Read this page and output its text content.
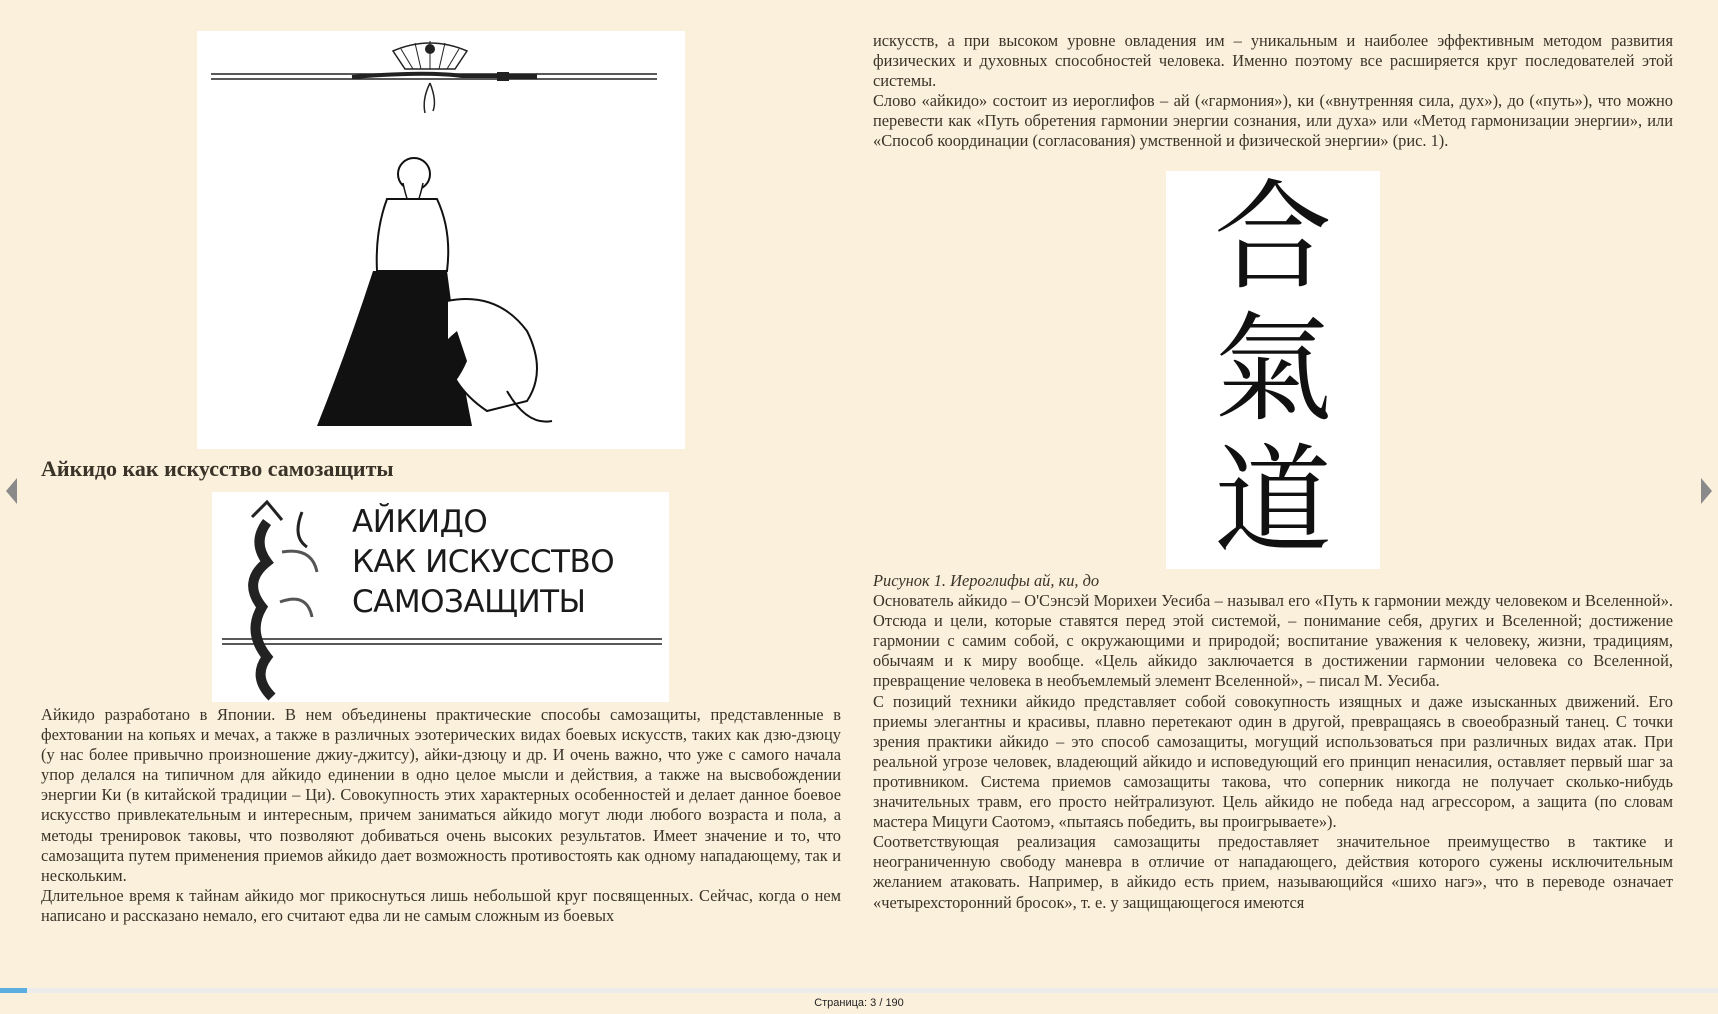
Айкидо как искусство самозащиты
АЙКИДО
КАК ИСКУССТВО
САМОЗАЩИТЫ

Айкидо разработано в Японии. В нем объединены практические способы самозащиты, представленные в фехтовании на копьях и мечах, а также в различных эзотерических видах боевых искусств, таких как дзю-дзюцу (у нас более привычно произношение джиу-джитсу), айки-дзюцу и др. И очень важно, что уже с самого начала упор делался на типичном для айкидо единении в одно целое мысли и действия, а также на высвобождении энергии Ки (в китайской традиции – Ци). Совокупность этих характерных особенностей и делает данное боевое искусство привлекательным и интересным, причем заниматься айкидо могут люди любого возраста и пола, а методы тренировок таковы, что позволяют добиваться очень высоких результатов. Имеет значение и то, что самозащита путем применения приемов айкидо дает возможность противостоять как одному нападающему, так и нескольким.

Длительное время к тайнам айкидо мог прикоснуться лишь небольшой круг посвященных. Сейчас, когда о нем написано и рассказано немало, его считают едва ли не самым сложным из боевых

искусств, а при высоком уровне овладения им – уникальным и наиболее эффективным методом развития физических и духовных способностей человека. Именно поэтому все расширяется круг последователей этой системы.

Слово «айкидо» состоит из иероглифов – ай («гармония»), ки («внутренняя сила, дух»), до («путь»), что можно перевести как «Путь обретения гармонии энергии сознания, или духа» или «Метод гармонизации энергии», или «Способ координации (согласования) умственной и физической энергии» (рис. 1).

合
氣
道

Рисунок 1. Иероглифы ай, ки, до

Основатель айкидо – О'Сэнсэй Морихеи Уесиба – называл его «Путь к гармонии между человеком и Вселенной». Отсюда и цели, которые ставятся перед этой системой, – понимание себя, других и Вселенной; достижение гармонии с самим собой, с окружающими и природой; воспитание уважения к человеку, жизни, традициям, обычаям и к миру вообще. «Цель айкидо заключается в достижении гармонии человека со Вселенной, превращение человека в необъемлемый элемент Вселенной», – писал М. Уесиба.

С позиций техники айкидо представляет собой совокупность изящных и даже изысканных движений. Его приемы элегантны и красивы, плавно перетекают один в другой, превращаясь в своеобразный танец. С точки зрения практики айкидо – это способ самозащиты, могущий использоваться при различных видах атак. При реальной угрозе человек, владеющий айкидо и исповедующий его принцип ненасилия, оставляет первый шаг за противником. Система приемов самозащиты такова, что соперник никогда не получает сколько-нибудь значительных травм, его просто нейтрализуют. Цель айкидо не победа над агрессором, а защита (по словам мастера Мицуги Саотомэ, «пытаясь победить, вы проигрываете»).

Соответствующая реализация самозащиты предоставляет значительное преимущество в тактике и неограниченную свободу маневра в отличие от нападающего, действия которого сужены исключительным желанием атаковать. Например, в айкидо есть прием, называющийся «шихо нагэ», что в переводе означает «четырехсторонний бросок», т. е. у защищающегося имеются

Страница: 3 / 190
